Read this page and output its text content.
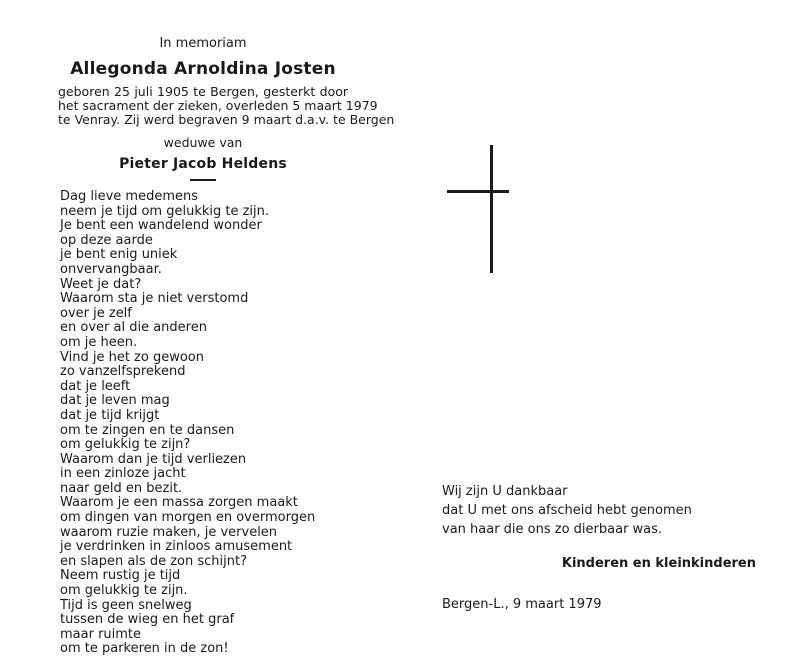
In memoriam
Allegonda Arnoldina Josten
geboren 25 juli 1905 te Bergen, gesterkt door
het sacrament der zieken, overleden 5 maart 1979
te Venray. Zij werd begraven 9 maart d.a.v. te Bergen
weduwe van
Pieter Jacob Heldens
Dag lieve medemens
neem je tijd om gelukkig te zijn.
Je bent een wandelend wonder
op deze aarde
je bent enig uniek
onvervangbaar.
Weet je dat?
Waarom sta je niet verstomd
over je zelf
en over al die anderen
om je heen.
Vind je het zo gewoon
zo vanzelfsprekend
dat je leeft
dat je leven mag
dat je tijd krijgt
om te zingen en te dansen
om gelukkig te zijn?
Waarom dan je tijd verliezen
in een zinloze jacht
naar geld en bezit.
Waarom je een massa zorgen maakt
om dingen van morgen en overmorgen
waarom ruzie maken, je vervelen
je verdrinken in zinloos amusement
en slapen als de zon schijnt?
Neem rustig je tijd
om gelukkig te zijn.
Tijd is geen snelweg
tussen de wieg en het graf
maar ruimte
om te parkeren in de zon!
Wij zijn U dankbaar
dat U met ons afscheid hebt genomen
van haar die ons zo dierbaar was.
Kinderen en kleinkinderen
Bergen-L., 9 maart 1979
